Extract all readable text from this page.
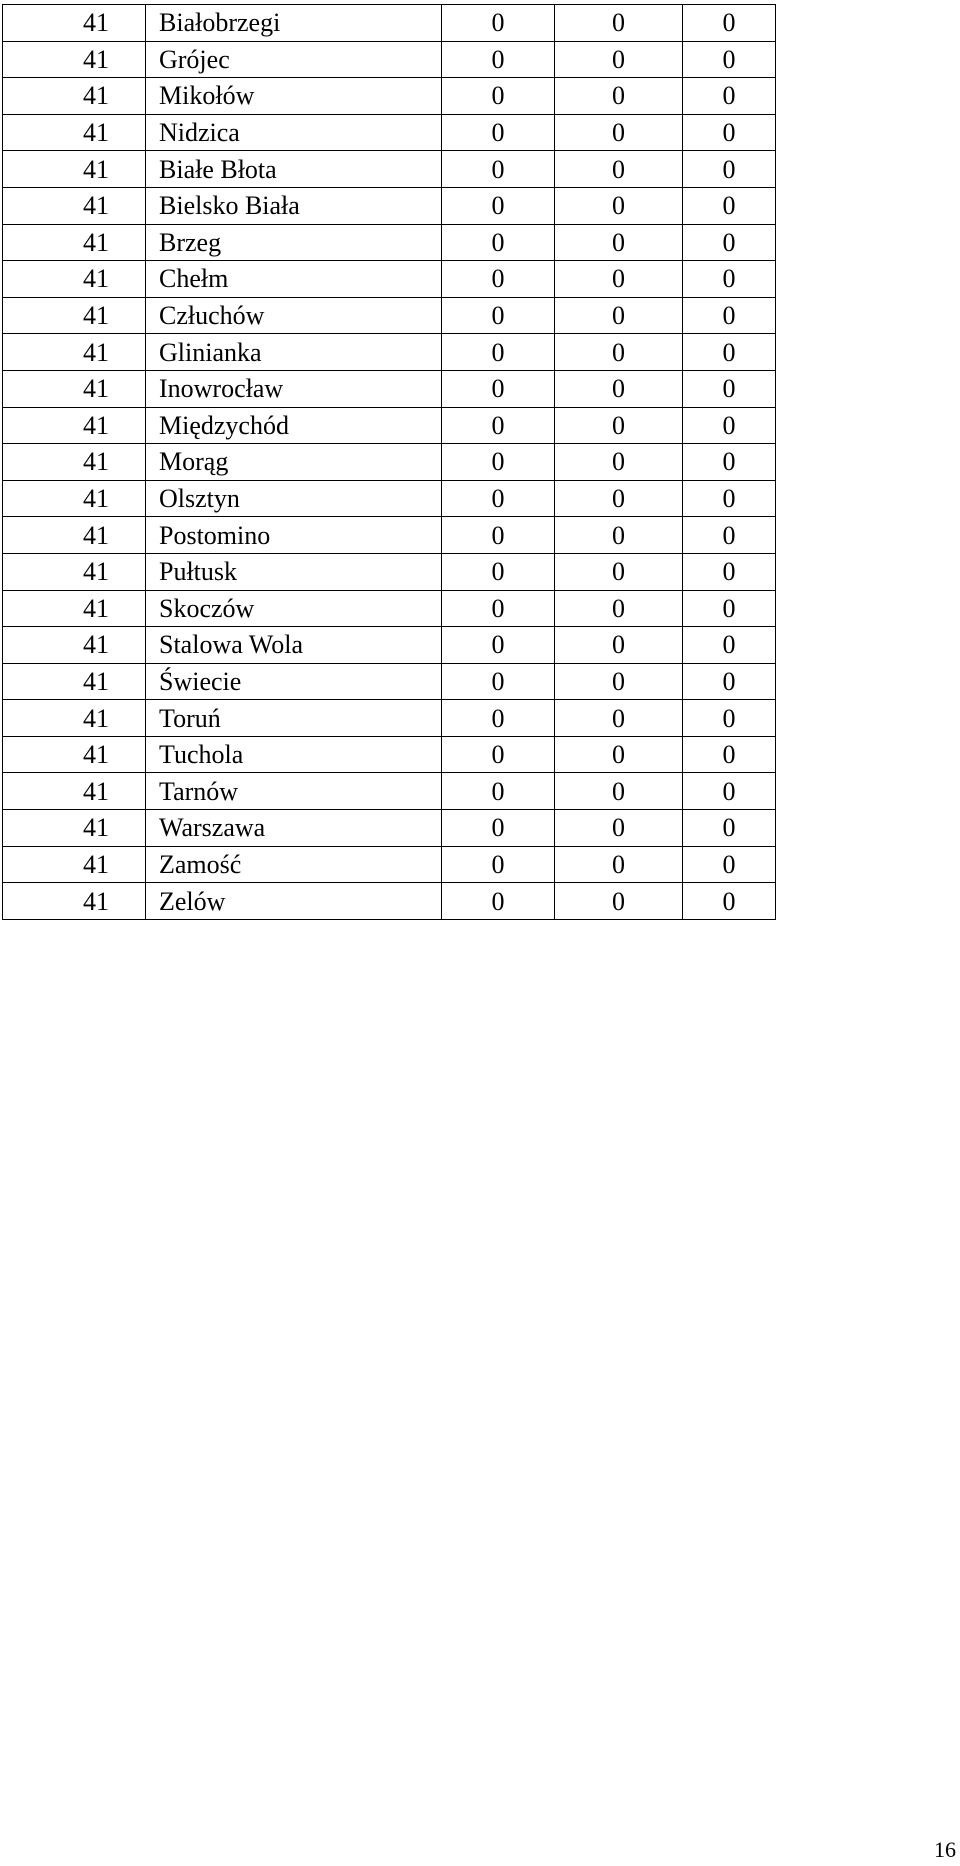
41	Białobrzegi	0	0	0
41	Grójec	0	0	0
41	Mikołów	0	0	0
41	Nidzica	0	0	0
41	Białe Błota	0	0	0
41	Bielsko Biała	0	0	0
41	Brzeg	0	0	0
41	Chełm	0	0	0
41	Człuchów	0	0	0
41	Glinianka	0	0	0
41	Inowrocław	0	0	0
41	Międzychód	0	0	0
41	Morąg	0	0	0
41	Olsztyn	0	0	0
41	Postomino	0	0	0
41	Pułtusk	0	0	0
41	Skoczów	0	0	0
41	Stalowa Wola	0	0	0
41	Świecie	0	0	0
41	Toruń	0	0	0
41	Tuchola	0	0	0
41	Tarnów	0	0	0
41	Warszawa	0	0	0
41	Zamość	0	0	0
41	Zelów	0	0	0
16
